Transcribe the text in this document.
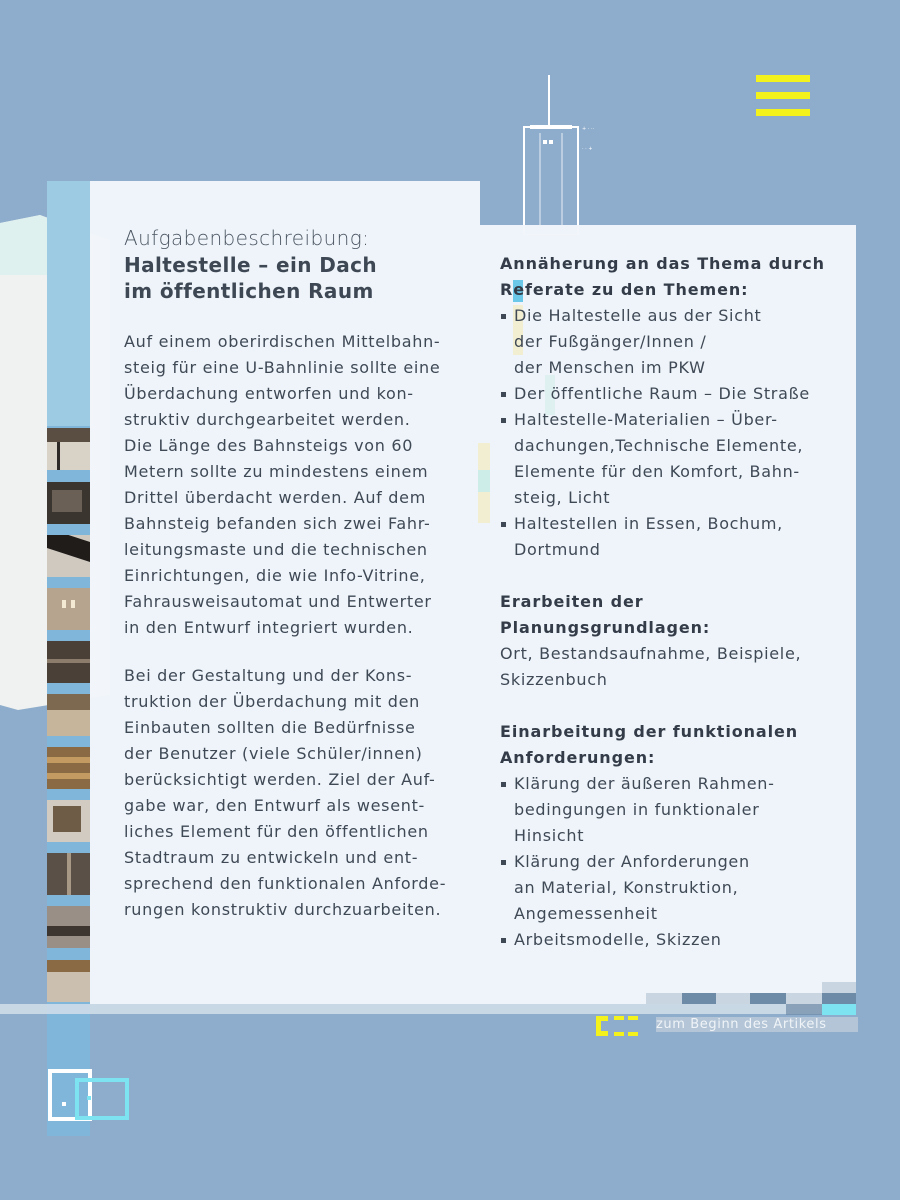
+ · ··
· · +
Aufgabenbeschreibung:
Haltestelle – ein Dach
im öffentlichen Raum
Auf einem oberirdischen Mittelbahn-
steig für eine U-Bahnlinie sollte eine
Überdachung entworfen und kon-
struktiv durchgearbeitet werden.
Die Länge des Bahnsteigs von 60
Metern sollte zu mindestens einem
Drittel überdacht werden. Auf dem
Bahnsteig befanden sich zwei Fahr-
leitungsmaste und die technischen
Einrichtungen, die wie Info-Vitrine,
Fahrausweisautomat und Entwerter
in den Entwurf integriert wurden.
Bei der Gestaltung und der Kons-
truktion der Überdachung mit den
Einbauten sollten die Bedürfnisse
der Benutzer (viele Schüler/innen)
berücksichtigt werden. Ziel der Auf-
gabe war, den Entwurf als wesent-
liches Element für den öffentlichen
Stadtraum zu entwickeln und ent-
sprechend den funktionalen Anforde-
rungen konstruktiv durchzuarbeiten.
Annäherung an das Thema durch
Referate zu den Themen:
Die Haltestelle aus der Sicht
der Fußgänger/Innen /
der Menschen im PKW
Der öffentliche Raum – Die Straße
Haltestelle-Materialien – Über-
dachungen,Technische Elemente,
Elemente für den Komfort, Bahn-
steig, Licht
Haltestellen in Essen, Bochum,
Dortmund
Erarbeiten der Planungsgrundlagen:
Ort, Bestandsaufnahme, Beispiele,
Skizzenbuch
Einarbeitung der funktionalen
Anforderungen:
Klärung der äußeren Rahmen-
bedingungen in funktionaler
Hinsicht
Klärung der Anforderungen
an Material, Konstruktion,
Angemessenheit
Arbeitsmodelle, Skizzen
zum Beginn des Artikels
